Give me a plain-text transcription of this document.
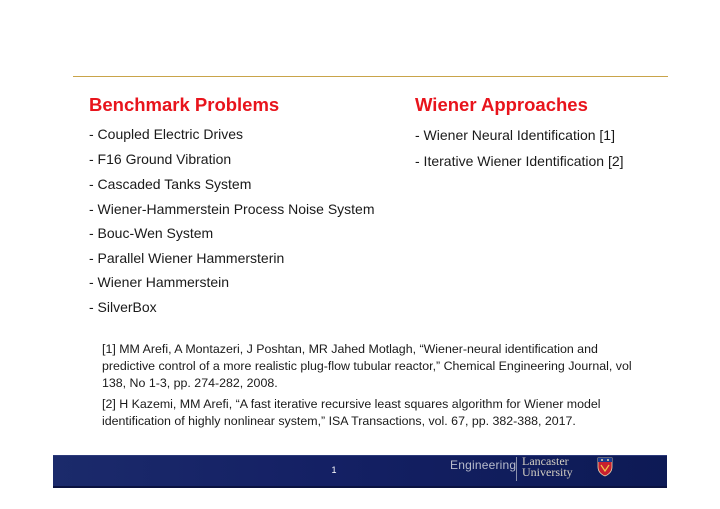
Benchmark Problems	Wiener Approaches
- Coupled Electric Drives
- F16 Ground Vibration
- Cascaded Tanks System
- Wiener-Hammerstein Process Noise System
- Bouc-Wen System
- Parallel Wiener Hammersterin
- Wiener Hammerstein
- SilverBox
- Wiener Neural Identification [1]
- Iterative Wiener Identification [2]
[1] MM Arefi, A Montazeri, J Poshtan, MR Jahed Motlagh, “Wiener-neural identification and predictive control of a more realistic plug-flow tubular reactor,” Chemical Engineering Journal, vol 138, No 1-3, pp. 274-282, 2008.
[2] H Kazemi, MM Arefi, “A fast iterative recursive least squares algorithm for Wiener model identification of highly nonlinear system,” ISA Transactions, vol. 67, pp. 382-388, 2017.
1	Engineering Lancaster
University
